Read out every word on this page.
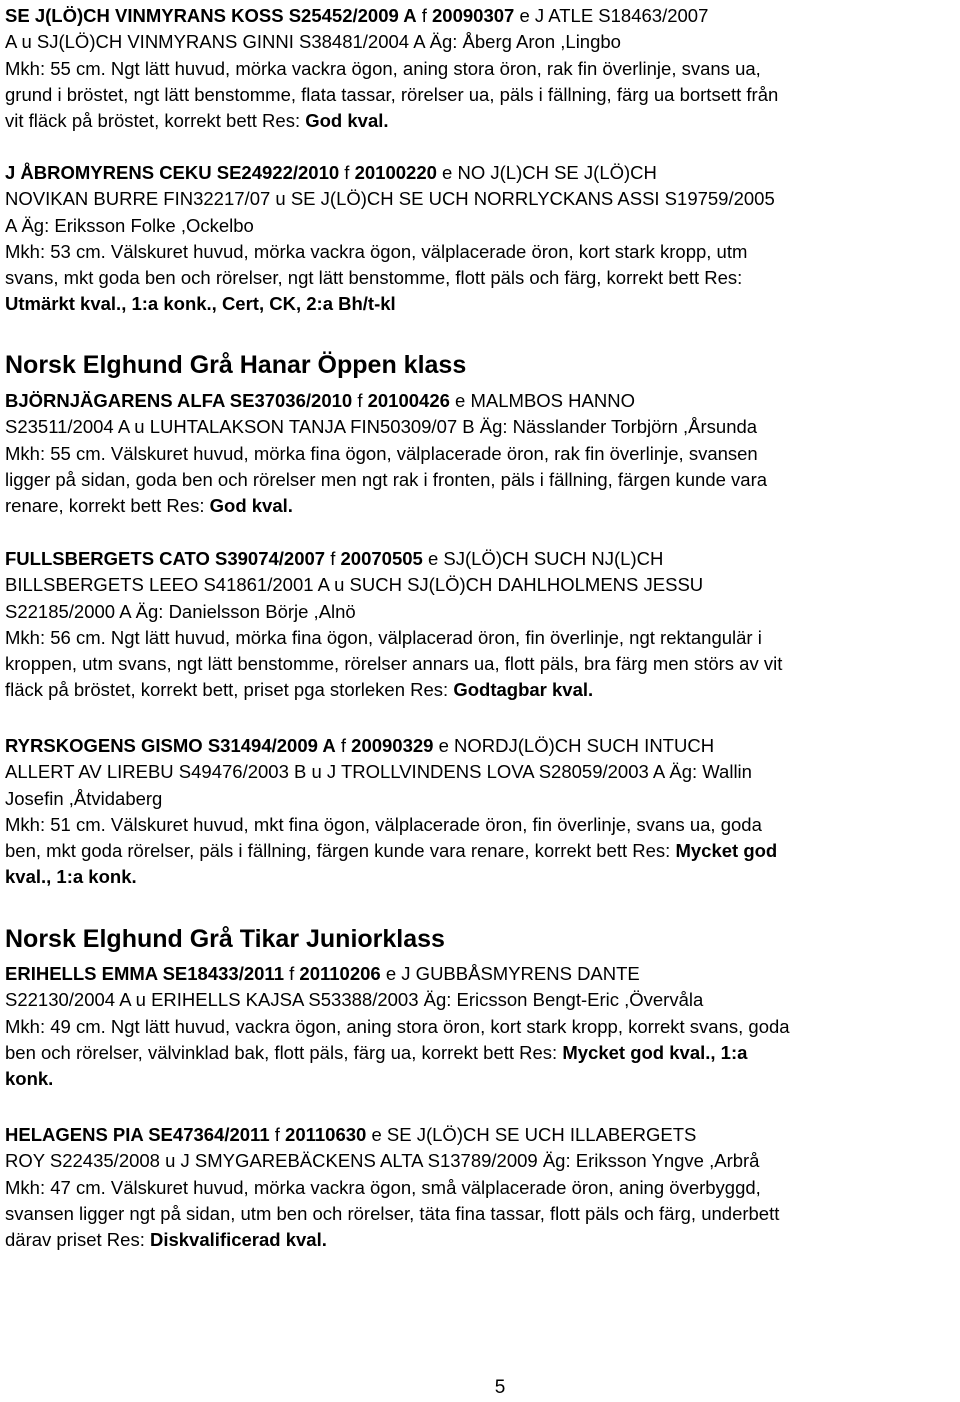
SE J(LÖ)CH VINMYRANS KOSS S25452/2009 A f 20090307 e J ATLE S18463/2007

A u SJ(LÖ)CH VINMYRANS GINNI S38481/2004 A Äg: Åberg Aron ,Lingbo

Mkh: 55 cm. Ngt lätt huvud, mörka vackra ögon, aning stora öron, rak fin överlinje, svans ua,

grund i bröstet, ngt lätt benstomme, flata tassar, rörelser ua, päls i fällning, färg ua bortsett från

vit fläck på bröstet, korrekt bett Res: God kval.

J ÅBROMYRENS CEKU SE24922/2010 f 20100220 e NO J(L)CH SE J(LÖ)CH

NOVIKAN BURRE FIN32217/07 u SE J(LÖ)CH SE UCH NORRLYCKANS ASSI S19759/2005

A Äg: Eriksson Folke ,Ockelbo

Mkh: 53 cm. Välskuret huvud, mörka vackra ögon, välplacerade öron, kort stark kropp, utm

svans, mkt goda ben och rörelser, ngt lätt benstomme, flott päls och färg, korrekt bett Res:

Utmärkt kval., 1:a konk., Cert, CK, 2:a Bh/t-kl

Norsk Elghund Grå Hanar Öppen klass

BJÖRNJÄGARENS ALFA SE37036/2010 f 20100426 e MALMBOS HANNO

S23511/2004 A u LUHTALAKSON TANJA FIN50309/07 B Äg: Nässlander Torbjörn ,Årsunda

Mkh: 55 cm. Välskuret huvud, mörka fina ögon, välplacerade öron, rak fin överlinje, svansen

ligger på sidan, goda ben och rörelser men ngt rak i fronten, päls i fällning, färgen kunde vara

renare, korrekt bett Res: God kval.

FULLSBERGETS CATO S39074/2007 f 20070505 e SJ(LÖ)CH SUCH NJ(L)CH

BILLSBERGETS LEEO S41861/2001 A u SUCH SJ(LÖ)CH DAHLHOLMENS JESSU

S22185/2000 A Äg: Danielsson Börje ,Alnö

Mkh: 56 cm. Ngt lätt huvud, mörka fina ögon, välplacerad öron, fin överlinje, ngt rektangulär i

kroppen, utm svans, ngt lätt benstomme, rörelser annars ua, flott päls, bra färg men störs av vit

fläck på bröstet, korrekt bett, priset pga storleken Res: Godtagbar kval.

RYRSKOGENS GISMO S31494/2009 A f 20090329 e NORDJ(LÖ)CH SUCH INTUCH

ALLERT AV LIREBU S49476/2003 B u J TROLLVINDENS LOVA S28059/2003 A Äg: Wallin

Josefin ,Åtvidaberg

Mkh: 51 cm. Välskuret huvud, mkt fina ögon, välplacerade öron, fin överlinje, svans ua, goda

ben, mkt goda rörelser, päls i fällning, färgen kunde vara renare, korrekt bett Res: Mycket god

kval., 1:a konk.

Norsk Elghund Grå Tikar Juniorklass

ERIHELLS EMMA SE18433/2011 f 20110206 e J GUBBÅSMYRENS DANTE

S22130/2004 A u ERIHELLS KAJSA S53388/2003 Äg: Ericsson Bengt-Eric ,Övervåla

Mkh: 49 cm. Ngt lätt huvud, vackra ögon, aning stora öron, kort stark kropp, korrekt svans, goda

ben och rörelser, välvinklad bak, flott päls, färg ua, korrekt bett Res: Mycket god kval., 1:a

konk.

HELAGENS PIA SE47364/2011 f 20110630 e SE J(LÖ)CH SE UCH ILLABERGETS

ROY S22435/2008 u J SMYGAREBÄCKENS ALTA S13789/2009 Äg: Eriksson Yngve ,Arbrå

Mkh: 47 cm. Välskuret huvud, mörka vackra ögon, små välplacerade öron, aning överbyggd,

svansen ligger ngt på sidan, utm ben och rörelser, täta fina tassar, flott päls och färg, underbett

därav priset Res: Diskvalificerad kval.

5
